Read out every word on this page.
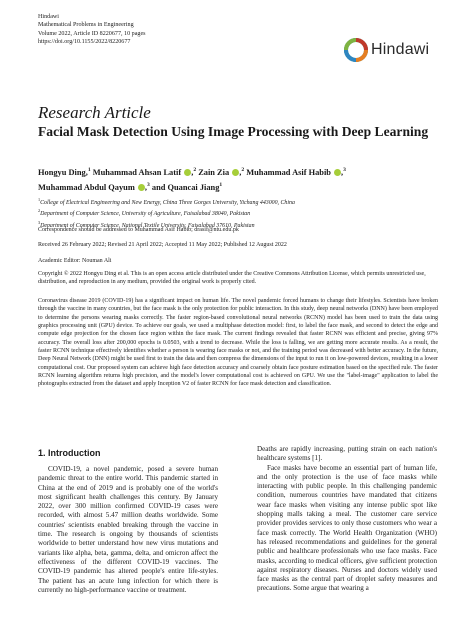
Hindawi
Mathematical Problems in Engineering
Volume 2022, Article ID 8220677, 10 pages
https://doi.org/10.1155/2022/8220677	Hindawi
Research Article
Facial Mask Detection Using Image Processing with Deep Learning
Hongyu Ding,$^1$ Muhammad Ahsan Latif ,$^2$ Zain Zia ,$^2$ Muhammad Asif Habib ,$^3$
Muhammad Abdul Qayum ,$^3$ and Quancai Jiang$^1$
$^1$College of Electrical Engineering and New Energy, China Three Gorges University, Yichang 443000, China
$^2$Department of Computer Science, University of Agriculture, Faisalabad 38040, Pakistan
$^3$Department of Computer Science, National Textile University, Faisalabad 37610, Pakistan
Correspondence should be addressed to Muhammad Asif Habib; drasif@ntu.edu.pk
Received 26 February 2022; Revised 21 April 2022; Accepted 11 May 2022; Published 12 August 2022
Academic Editor: Nouman Ali
Copyright © 2022 Hongyu Ding et al. This is an open access article distributed under the Creative Commons Attribution License, which permits unrestricted use, distribution, and reproduction in any medium, provided the original work is properly cited.
Coronavirus disease 2019 (COVID-19) has a significant impact on human life. The novel pandemic forced humans to change their lifestyles. Scientists have broken through the vaccine in many countries, but the face mask is the only protection for public interaction. In this study, deep neural networks (DNN) have been employed to determine the persons wearing masks correctly. The faster region-based convolutional neural networks (RCNN) model has been used to train the data using graphics processing unit (GPU) device. To achieve our goals, we used a multiphase detection model: first, to label the face mask, and second to detect the edge and compute edge projection for the chosen face region within the face mask. The current findings revealed that faster RCNN was efficient and precise, giving 97% accuracy. The overall loss after 200,000 epochs is 0.0503, with a trend to decrease. While the loss is falling, we are getting more accurate results. As a result, the faster RCNN technique effectively identifies whether a person is wearing face masks or not, and the training period was decreased with better accuracy. In the future, Deep Neural Network (DNN) might be used first to train the data and then compress the dimensions of the input to run it on low-powered devices, resulting in a lower computational cost. Our proposed system can achieve high face detection accuracy and coarsely obtain face posture estimation based on the specified rule. The faster RCNN learning algorithm returns high precision, and the model's lower computational cost is achieved on GPU. We use the "label-image" application to label the photographs extracted from the dataset and apply Inception V2 of faster RCNN for face mask detection and classification.
1. Introduction

COVID-19, a novel pandemic, posed a severe human pandemic threat to the entire world. This pandemic started in China at the end of 2019 and is probably one of the world's most significant health challenges this century. By January 2022, over 300 million confirmed COVID-19 cases were recorded, with almost 5.47 million deaths worldwide. Some countries' scientists enabled breaking through the vaccine in time. The research is ongoing by thousands of scientists worldwide to better understand how new virus mutations and variants like alpha, beta, gamma, delta, and omicron affect the effectiveness of the different COVID-19 vaccines. The COVID-19 pandemic has altered people's entire life-styles. The patient has an acute lung infection for which there is currently no high-performance vaccine or treatment.

Deaths are rapidly increasing, putting strain on each nation's healthcare systems [1].

Face masks have become an essential part of human life, and the only protection is the use of face masks while interacting with public people. In this challenging pandemic condition, numerous countries have mandated that citizens wear face masks when visiting any intense public spot like shopping malls taking a meal. The customer care service provider provides services to only those customers who wear a face mask correctly. The World Health Organization (WHO) has released recommendations and guidelines for the general public and healthcare professionals who use face masks. Face masks, according to medical officers, give sufficient protection against respiratory diseases. Nurses and doctors widely used face masks as the central part of droplet safety measures and precautions. Some argue that wearing a
